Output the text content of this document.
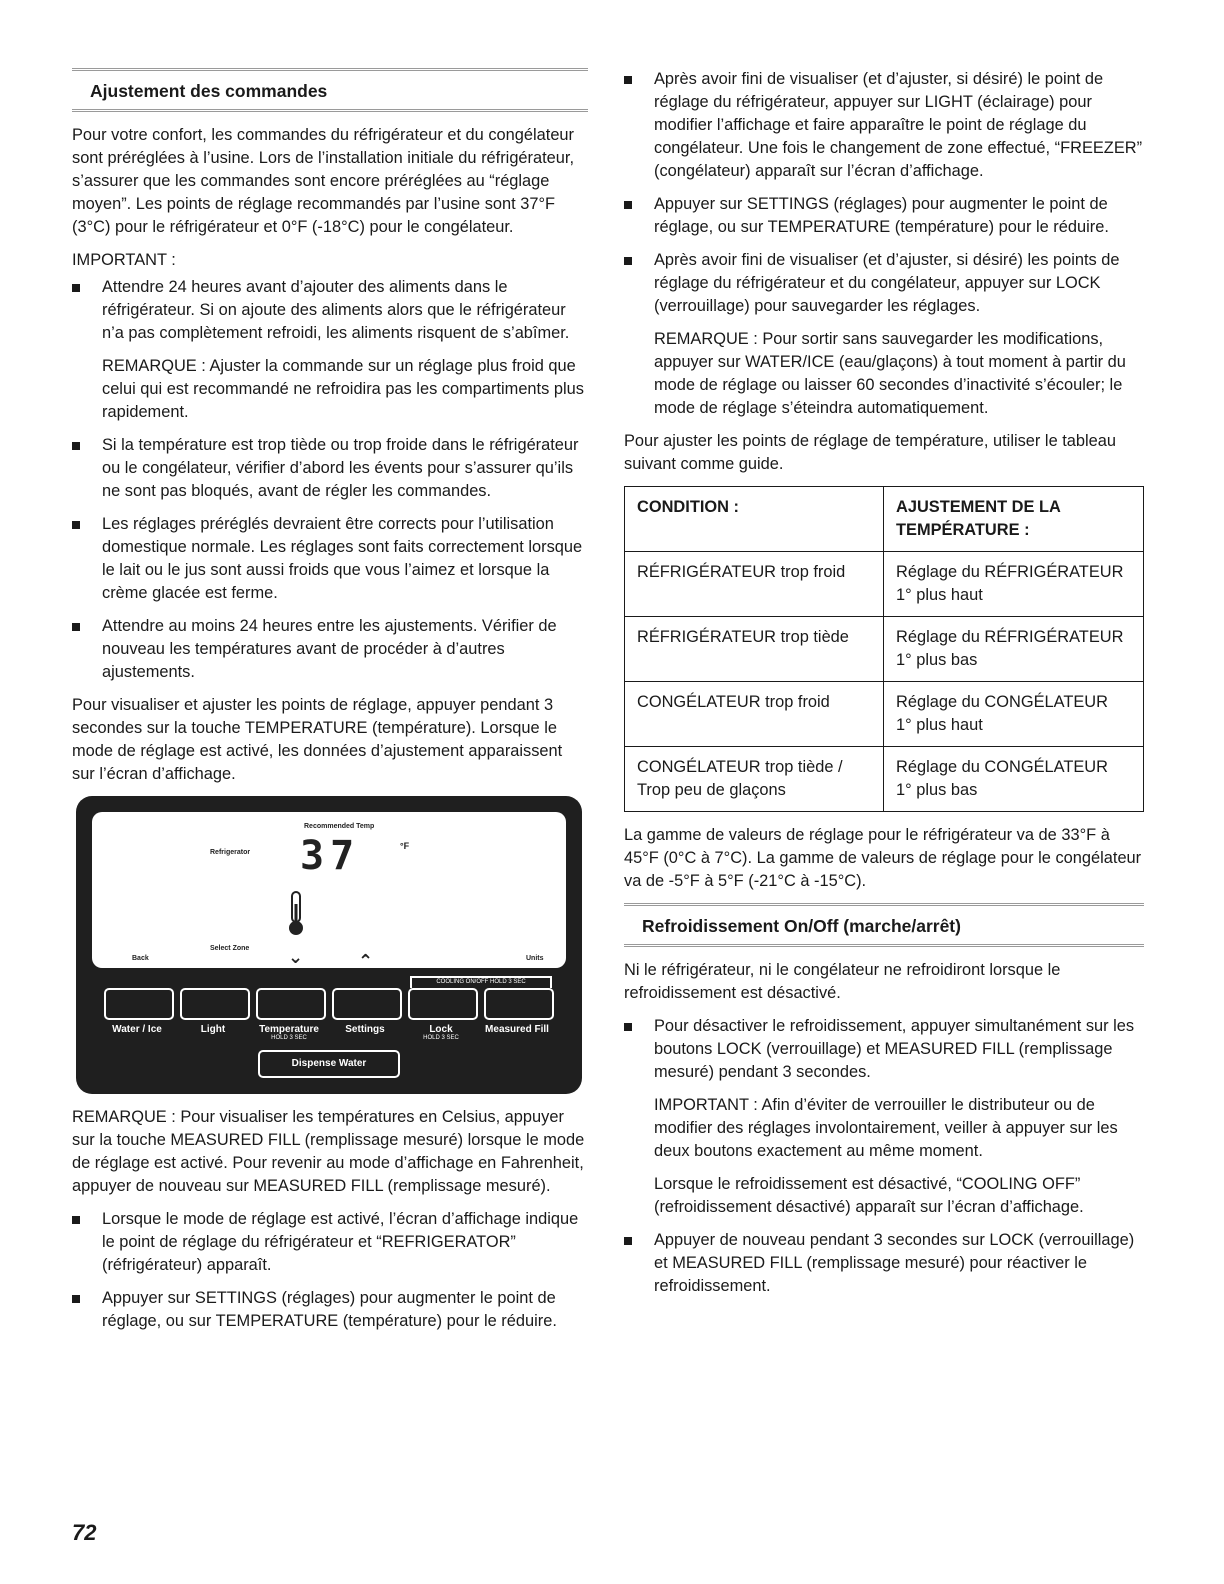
Ajustement des commandes

Pour votre confort, les commandes du réfrigérateur et du congélateur sont préréglées à l’usine. Lors de l’installation initiale du réfrigérateur, s’assurer que les commandes sont encore préréglées au “réglage moyen”. Les points de réglage recommandés par l’usine sont 37°F (3°C) pour le réfrigérateur et 0°F (-18°C) pour le congélateur.

IMPORTANT :

Attendre 24 heures avant d’ajouter des aliments dans le réfrigérateur. Si on ajoute des aliments alors que le réfrigérateur n’a pas complètement refroidi, les aliments risquent de s’abîmer.

REMARQUE : Ajuster la commande sur un réglage plus froid que celui qui est recommandé ne refroidira pas les compartiments plus rapidement.

Si la température est trop tiède ou trop froide dans le réfrigérateur ou le congélateur, vérifier d’abord les évents pour s’assurer qu’ils ne sont pas bloqués, avant de régler les commandes.
Les réglages préréglés devraient être corrects pour l’utilisation domestique normale. Les réglages sont faits correctement lorsque le lait ou le jus sont aussi froids que vous l’aimez et lorsque la crème glacée est ferme.
Attendre au moins 24 heures entre les ajustements. Vérifier de nouveau les températures avant de procéder à d’autres ajustements.

Pour visualiser et ajuster les points de réglage, appuyer pendant 3 secondes sur la touche TEMPERATURE (température). Lorsque le mode de réglage est activé, les données d’ajustement apparaissent sur l’écran d’affichage.

Recommended Temp
Refrigerator 37	°F
Select Zone
Back	⌄	⌃	Units
COOLING ON/OFF HOLD 3 SEC
Water / Ice	Light	Temperature
HOLD 3 SEC
Settings	Lock
HOLD 3 SEC
Measured Fill
Dispense Water

REMARQUE : Pour visualiser les températures en Celsius, appuyer sur la touche MEASURED FILL (remplissage mesuré) lorsque le mode de réglage est activé. Pour revenir au mode d’affichage en Fahrenheit, appuyer de nouveau sur MEASURED FILL (remplissage mesuré).

Lorsque le mode de réglage est activé, l’écran d’affichage indique le point de réglage du réfrigérateur et “REFRIGERATOR” (réfrigérateur) apparaît.
Appuyer sur SETTINGS (réglages) pour augmenter le point de réglage, ou sur TEMPERATURE (température) pour le réduire.
Après avoir fini de visualiser (et d’ajuster, si désiré) le point de réglage du réfrigérateur, appuyer sur LIGHT (éclairage) pour modifier l’affichage et faire apparaître le point de réglage du congélateur. Une fois le changement de zone effectué, “FREEZER” (congélateur) apparaît sur l’écran d’affichage.
Appuyer sur SETTINGS (réglages) pour augmenter le point de réglage, ou sur TEMPERATURE (température) pour le réduire.
Après avoir fini de visualiser (et d’ajuster, si désiré) les points de réglage du réfrigérateur et du congélateur, appuyer sur LOCK (verrouillage) pour sauvegarder les réglages.

REMARQUE : Pour sortir sans sauvegarder les modifications, appuyer sur WATER/ICE (eau/glaçons) à tout moment à partir du mode de réglage ou laisser 60 secondes d’inactivité s’écouler; le mode de réglage s’éteindra automatiquement.

Pour ajuster les points de réglage de température, utiliser le tableau suivant comme guide.

CONDITION :	AJUSTEMENT DE LA TEMPÉRATURE :
RÉFRIGÉRATEUR trop froid	Réglage du RÉFRIGÉRATEUR
1° plus haut
RÉFRIGÉRATEUR trop tiède	Réglage du RÉFRIGÉRATEUR
1° plus bas
CONGÉLATEUR trop froid	Réglage du CONGÉLATEUR
1° plus haut
CONGÉLATEUR trop tiède / Trop peu de glaçons	Réglage du CONGÉLATEUR
1° plus bas

La gamme de valeurs de réglage pour le réfrigérateur va de 33°F à 45°F (0°C à 7°C). La gamme de valeurs de réglage pour le congélateur va de -5°F à 5°F (-21°C à -15°C).

Refroidissement On/Off (marche/arrêt)

Ni le réfrigérateur, ni le congélateur ne refroidiront lorsque le refroidissement est désactivé.

Pour désactiver le refroidissement, appuyer simultanément sur les boutons LOCK (verrouillage) et MEASURED FILL (remplissage mesuré) pendant 3 secondes.

IMPORTANT : Afin d’éviter de verrouiller le distributeur ou de modifier des réglages involontairement, veiller à appuyer sur les deux boutons exactement au même moment.

Lorsque le refroidissement est désactivé, “COOLING OFF” (refroidissement désactivé) apparaît sur l’écran d’affichage.

Appuyer de nouveau pendant 3 secondes sur LOCK (verrouillage) et MEASURED FILL (remplissage mesuré) pour réactiver le refroidissement.
72
